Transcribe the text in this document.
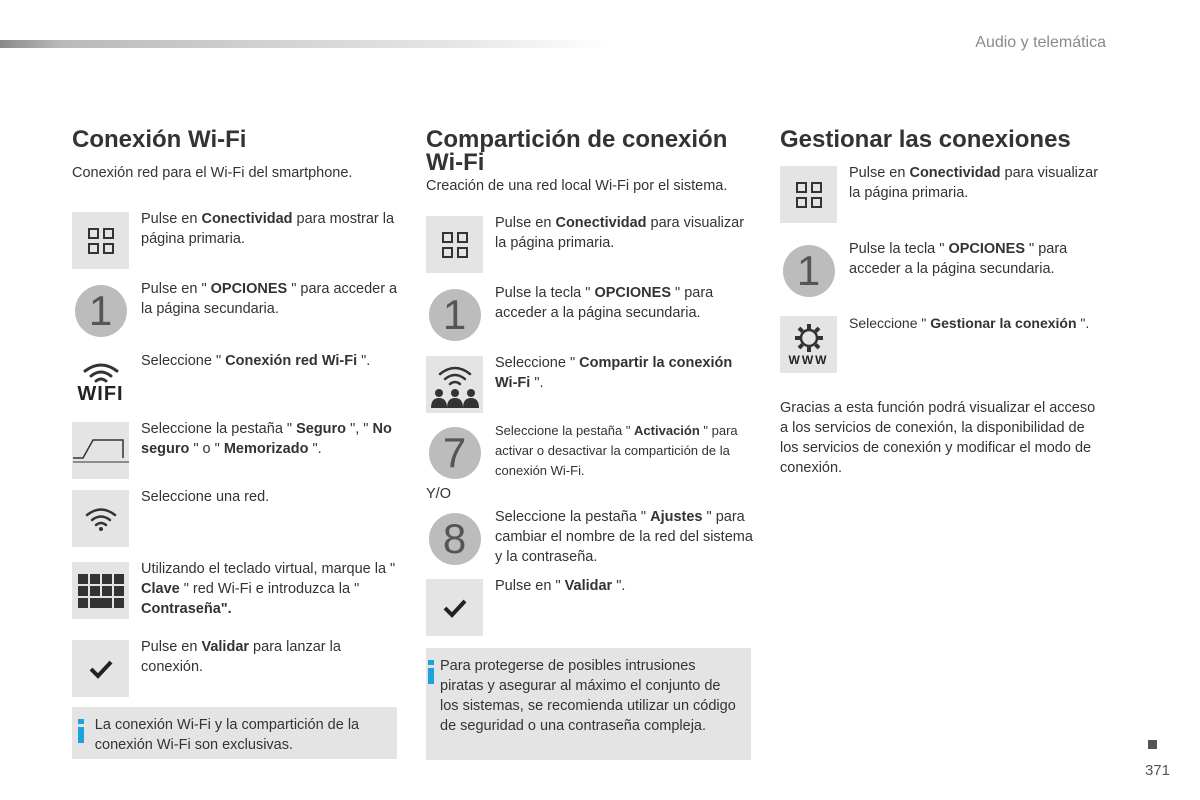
Audio y telemática
Conexión Wi-Fi
Conexión red para el Wi-Fi del smartphone.
Pulse en Conectividad para mostrar la página primaria.
1	Pulse en " OPCIONES " para acceder a la página secundaria.
WIFI
Seleccione " Conexión red Wi-Fi ".
Seleccione la pestaña " Seguro ", " No seguro " o " Memorizado ".
Seleccione una red.
Utilizando el teclado virtual, marque la " Clave " red Wi-Fi e introduzca la " Contraseña".
Pulse en Validar para lanzar la conexión.
La conexión Wi-Fi y la compartición de la conexión Wi-Fi son exclusivas.
Compartición de conexión Wi-Fi
Creación de una red local Wi-Fi por el sistema.
Pulse en Conectividad para visualizar la página primaria.
1	Pulse la tecla " OPCIONES " para acceder a la página secundaria.
Seleccione " Compartir la conexión Wi-Fi ".
7	Seleccione la pestaña " Activación " para activar o desactivar la compartición de la conexión Wi-Fi.
Y/O
8	Seleccione la pestaña " Ajustes " para cambiar el nombre de la red del sistema y la contraseña.
Pulse en " Validar ".
Para protegerse de posibles intrusiones piratas y asegurar al máximo el conjunto de los sistemas, se recomienda utilizar un código de seguridad o una contraseña compleja.
Gestionar las conexiones
Pulse en Conectividad para visualizar la página primaria.
1	Pulse la tecla " OPCIONES " para acceder a la página secundaria.
WWW
Seleccione " Gestionar la conexión ".
Gracias a esta función podrá visualizar el acceso a los servicios de conexión, la disponibilidad de los servicios de conexión y modificar el modo de conexión.
371
